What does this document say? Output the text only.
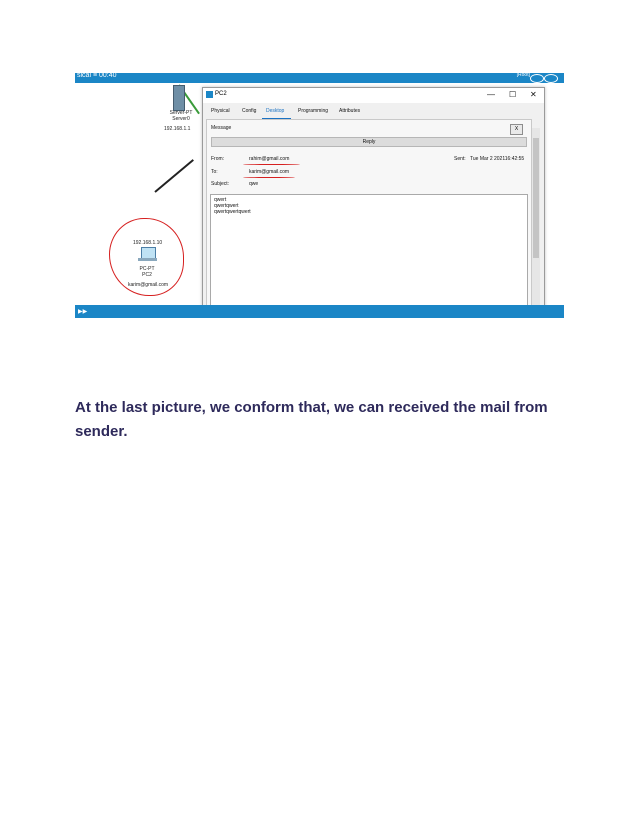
sical ≡ 00:40	[Root]
Server-PT
Server0
192.168.1.1
192.168.1.10
PC-PT
PC2
karim@gmail.com
PC2	— ☐ ✕
Physical Config Desktop	Programming Attributes
Message	X
Reply
From:	rahim@gmail.com	Sent: Tue Mar 2 202116:42:55
To:	karim@gmail.com
Subject:	qwe
qwert
qwertqwert
qwertqwertqwert
▶▶
At the last picture, we conform that, we can received the mail from sender.
